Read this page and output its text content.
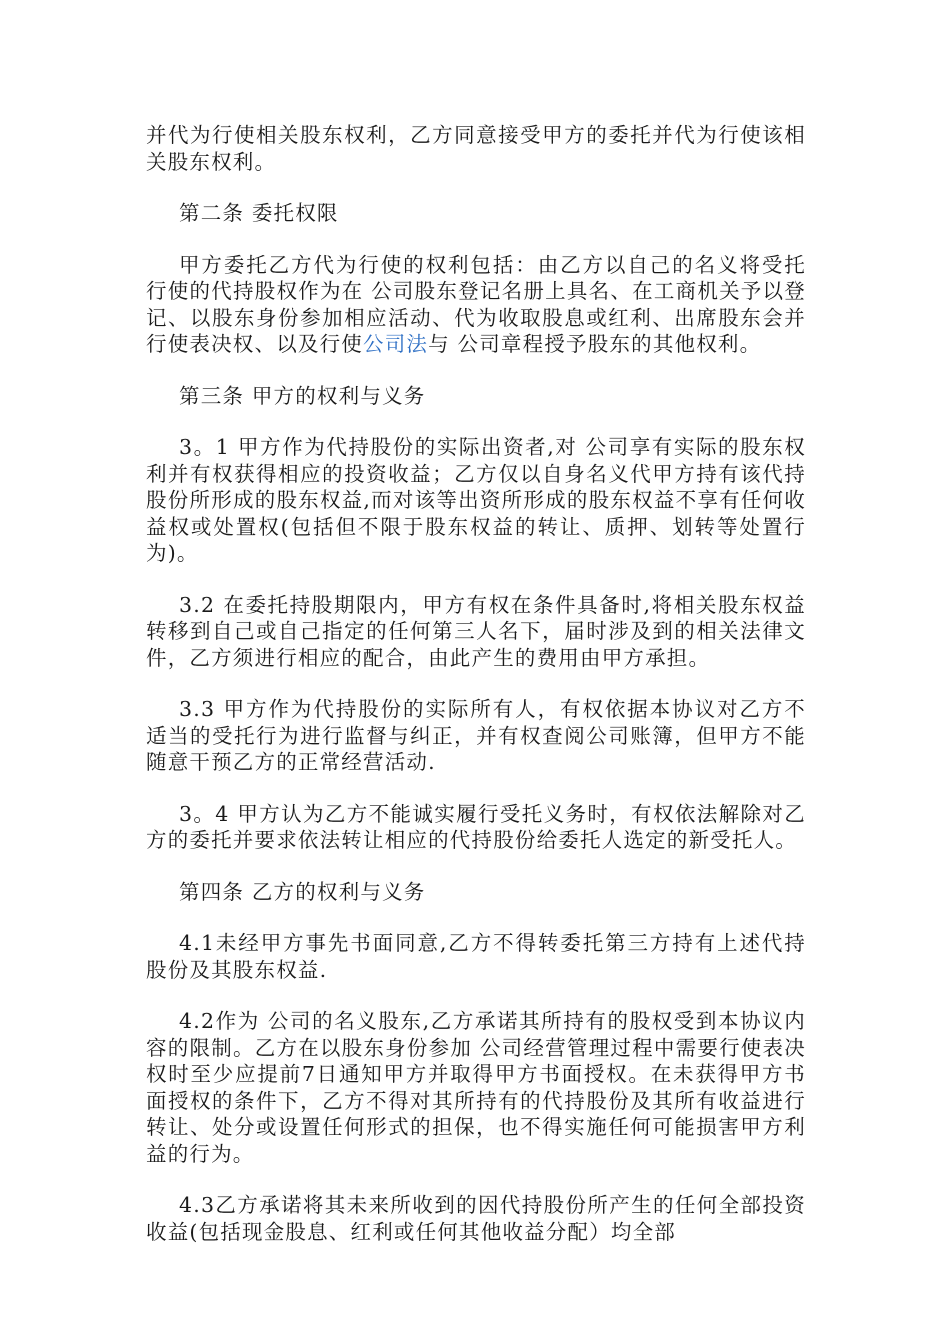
并代为行使相关股东权利，乙方同意接受甲方的委托并代为行使该相关股东权利。

第二条 委托权限

甲方委托乙方代为行使的权利包括：由乙方以自己的名义将受托行使的代持股权作为在 公司股东登记名册上具名、在工商机关予以登记、以股东身份参加相应活动、代为收取股息或红利、出席股东会并行使表决权、以及行使公司法与 公司章程授予股东的其他权利。

第三条 甲方的权利与义务

3。1 甲方作为代持股份的实际出资者,对 公司享有实际的股东权利并有权获得相应的投资收益；乙方仅以自身名义代甲方持有该代持股份所形成的股东权益,而对该等出资所形成的股东权益不享有任何收益权或处置权(包括但不限于股东权益的转让、质押、划转等处置行为)。

3.2 在委托持股期限内，甲方有权在条件具备时,将相关股东权益转移到自己或自己指定的任何第三人名下，届时涉及到的相关法律文件，乙方须进行相应的配合，由此产生的费用由甲方承担。

3.3 甲方作为代持股份的实际所有人，有权依据本协议对乙方不适当的受托行为进行监督与纠正，并有权查阅公司账簿，但甲方不能随意干预乙方的正常经营活动.

3。4 甲方认为乙方不能诚实履行受托义务时，有权依法解除对乙方的委托并要求依法转让相应的代持股份给委托人选定的新受托人。

第四条 乙方的权利与义务

4.1未经甲方事先书面同意,乙方不得转委托第三方持有上述代持股份及其股东权益.

4.2作为 公司的名义股东,乙方承诺其所持有的股权受到本协议内容的限制。乙方在以股东身份参加 公司经营管理过程中需要行使表决权时至少应提前7日通知甲方并取得甲方书面授权。在未获得甲方书面授权的条件下，乙方不得对其所持有的代持股份及其所有收益进行转让、处分或设置任何形式的担保，也不得实施任何可能损害甲方利益的行为。

4.3乙方承诺将其未来所收到的因代持股份所产生的任何全部投资收益(包括现金股息、红利或任何其他收益分配）均全部
